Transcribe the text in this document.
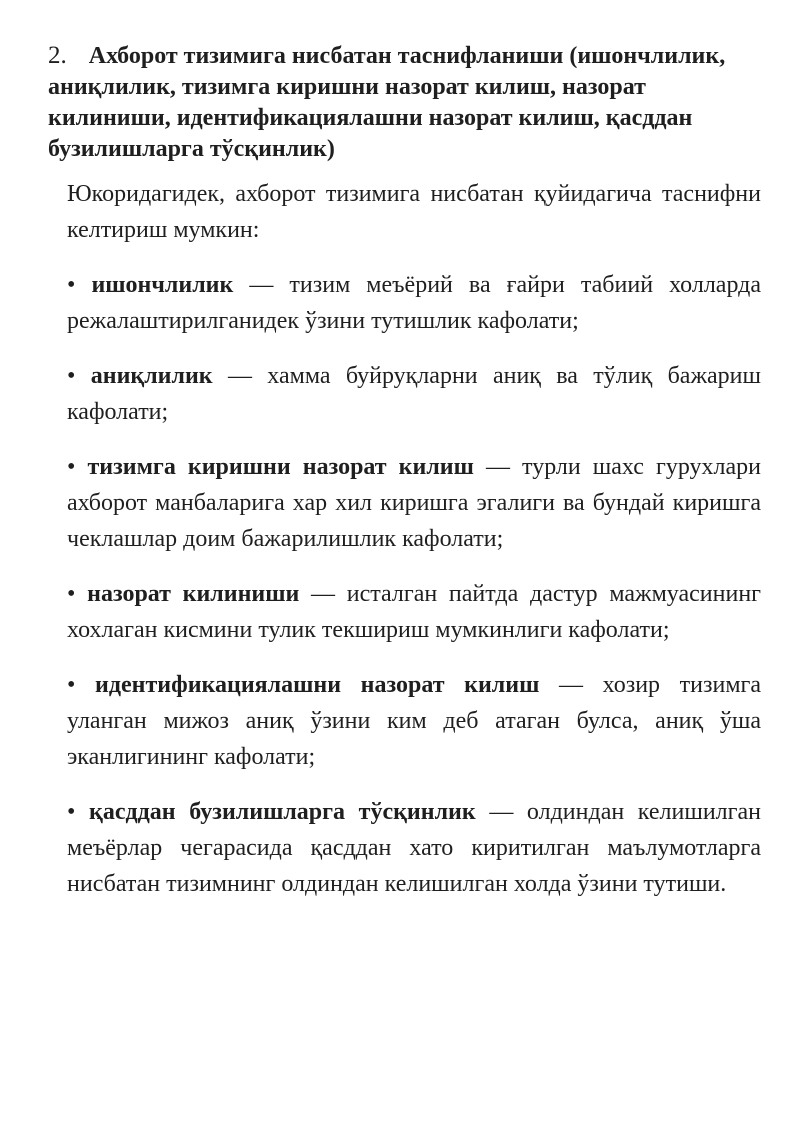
2. Ахборот тизимига нисбатан таснифланиши (ишончлилик, аниқлилик, тизимга киришни назорат килиш, назорат килиниши, идентификациялашни назорат килиш, қасддан бузилишларга тўсқинлик)

Юкоридагидек, ахборот тизимига нисбатан қуйидагича таснифни келтириш мумкин:

• ишончлилик — тизим меъёрий ва ғайри табиий холларда режалаштирилганидек ўзини тутишлик кафолати;

• аниқлилик — хамма буйруқларни аниқ ва тўлиқ бажариш кафолати;

• тизимга киришни назорат килиш — турли шахс гурухлари ахборот манбаларига хар хил киришга эгалиги ва бундай киришга чеклашлар доим бажарилишлик кафолати;

• назорат килиниши — исталган пайтда дастур мажмуасининг хохлаган кисмини тулик текшириш мумкинлиги кафолати;

• идентификациялашни назорат килиш — хозир тизимга уланган мижоз аниқ ўзини ким деб атаган булса, аниқ ўша эканлигининг кафолати;

• қасддан бузилишларга тўсқинлик — олдиндан келишилган меъёрлар чегарасида қасддан хато киритилган маълумотларга нисбатан тизимнинг олдиндан келишилган холда ўзини тутиши.
